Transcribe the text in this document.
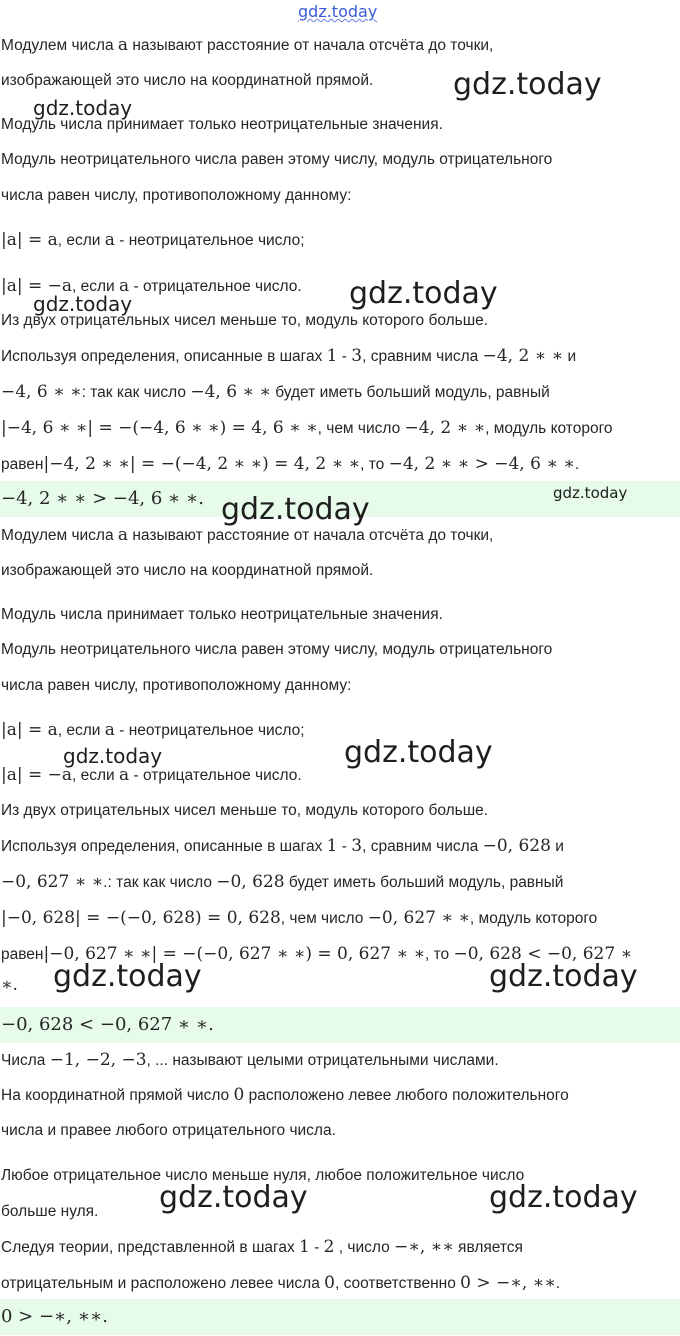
gdz.today
Модулем числа a называют расстояние от начала отсчёта до точки,
изображающей это число на координатной прямой.
Модуль числа принимает только неотрицательные значения.
Модуль неотрицательного числа равен этому числу, модуль отрицательного
числа равен числу, противоположному данному:
|a| = a, если a - неотрицательное число;
|a| = −a, если a - отрицательное число.
Из двух отрицательных чисел меньше то, модуль которого больше.
Используя определения, описанные в шагах 1 - 3, сравним числа −4, 2 ∗ ∗ и
−4, 6 ∗ ∗: так как число −4, 6 ∗ ∗ будет иметь больший модуль, равный
|−4, 6 ∗ ∗| = −(−4, 6 ∗ ∗) = 4, 6 ∗ ∗, чем число −4, 2 ∗ ∗, модуль которого
равен|−4, 2 ∗ ∗| = −(−4, 2 ∗ ∗) = 4, 2 ∗ ∗, то −4, 2 ∗ ∗ > −4, 6 ∗ ∗.
−4, 2 ∗ ∗ > −4, 6 ∗ ∗.
Модулем числа a называют расстояние от начала отсчёта до точки,
изображающей это число на координатной прямой.
Модуль числа принимает только неотрицательные значения.
Модуль неотрицательного числа равен этому числу, модуль отрицательного
числа равен числу, противоположному данному:
|a| = a, если a - неотрицательное число;
|a| = −a, если a - отрицательное число.
Из двух отрицательных чисел меньше то, модуль которого больше.
Используя определения, описанные в шагах 1 - 3, сравним числа −0, 628 и
−0, 627 ∗ ∗.: так как число −0, 628 будет иметь больший модуль, равный
|−0, 628| = −(−0, 628) = 0, 628, чем число −0, 627 ∗ ∗, модуль которого
равен|−0, 627 ∗ ∗| = −(−0, 627 ∗ ∗) = 0, 627 ∗ ∗, то −0, 628 < −0, 627 ∗
∗.
−0, 628 < −0, 627 ∗ ∗.
Числа −1, −2, −3, ... называют целыми отрицательными числами.
На координатной прямой число 0 расположено левее любого положительного
числа и правее любого отрицательного числа.
Любое отрицательное число меньше нуля, любое положительное число
больше нуля.
Следуя теории, представленной в шагах 1 - 2 , число −∗, ∗∗ является
отрицательным и расположено левее числа 0, соответственно 0 > −∗, ∗∗.
0 > −∗, ∗∗.
gdz.today
gdz.today
gdz.today
gdz.today
gdz.today
gdz.today
gdz.today	gdz.today
gdz.today	gdz.today
gdz.today	gdz.today
